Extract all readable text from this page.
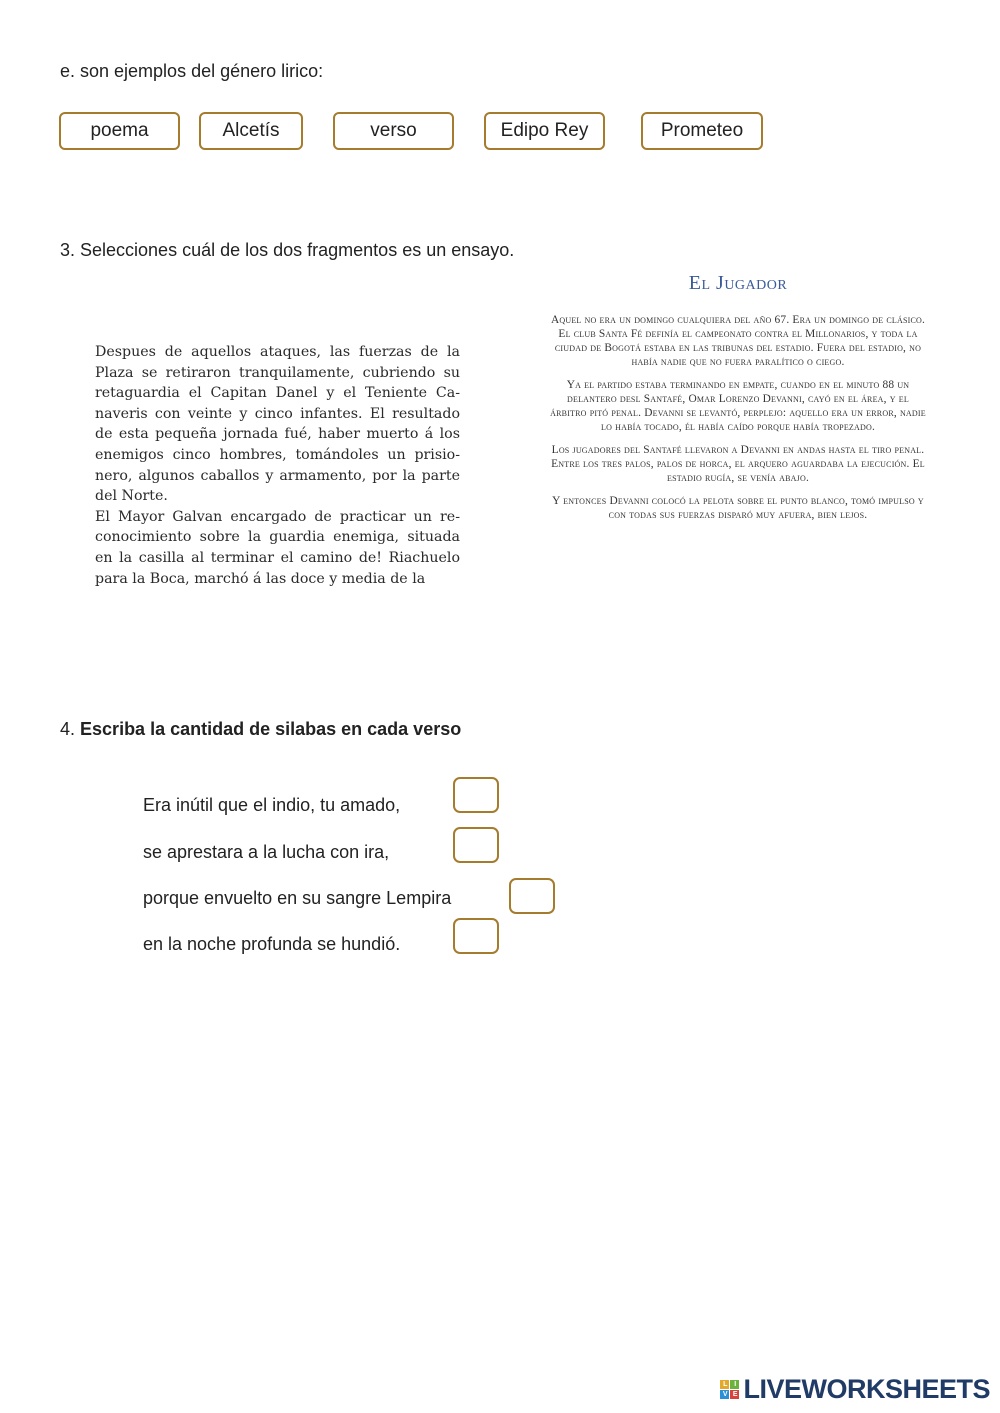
e. son ejemplos del género lirico:
poema	Alcetís	verso	Edipo Rey	Prometeo
3. Selecciones cuál de los dos fragmentos es un ensayo.
Despues de aquellos ataques, las fuerzas de la Plaza se retiraron tranquilamente, cubriendo su retaguardia el Capitan Danel y el Teniente Ca-naveris con veinte y cinco infantes. El resultado de esta pequeña jornada fué, haber muerto á los enemigos cinco hombres, tomándoles un prisio-nero, algunos caballos y armamento, por la parte del Norte.
El Mayor Galvan encargado de practicar un re-conocimiento sobre la guardia enemiga, situada en la casilla al terminar el camino de! Riachuelo para la Boca, marchó á las doce y media de la
El Jugador

Aquel no era un domingo cualquiera del año 67. Era un domingo de clásico. El club Santa Fé definía el campeonato contra el Millonarios, y toda la ciudad de Bogotá estaba en las tribunas del estadio. Fuera del estadio, no había nadie que no fuera paralítico o ciego.

Ya el partido estaba terminando en empate, cuando en el minuto 88 un delantero desl Santafé, Omar Lorenzo Devanni, cayó en el área, y el árbitro pitó penal. Devanni se levantó, perplejo: aquello era un error, nadie lo había tocado, él había caído porque había tropezado.

Los jugadores del Santafé llevaron a Devanni en andas hasta el tiro penal. Entre los tres palos, palos de horca, el arquero aguardaba la ejecución. El estadio rugía, se venía abajo.

Y entonces Devanni colocó la pelota sobre el punto blanco, tomó impulso y con todas sus fuerzas disparó muy afuera, bien lejos.

4. Escriba la cantidad de silabas en cada verso
Era inútil que el indio, tu amado,
se aprestara a la lucha con ira,
porque envuelto en su sangre Lempira
en la noche profunda se hundió.
L	I
V E LIVEWORKSHEETS
